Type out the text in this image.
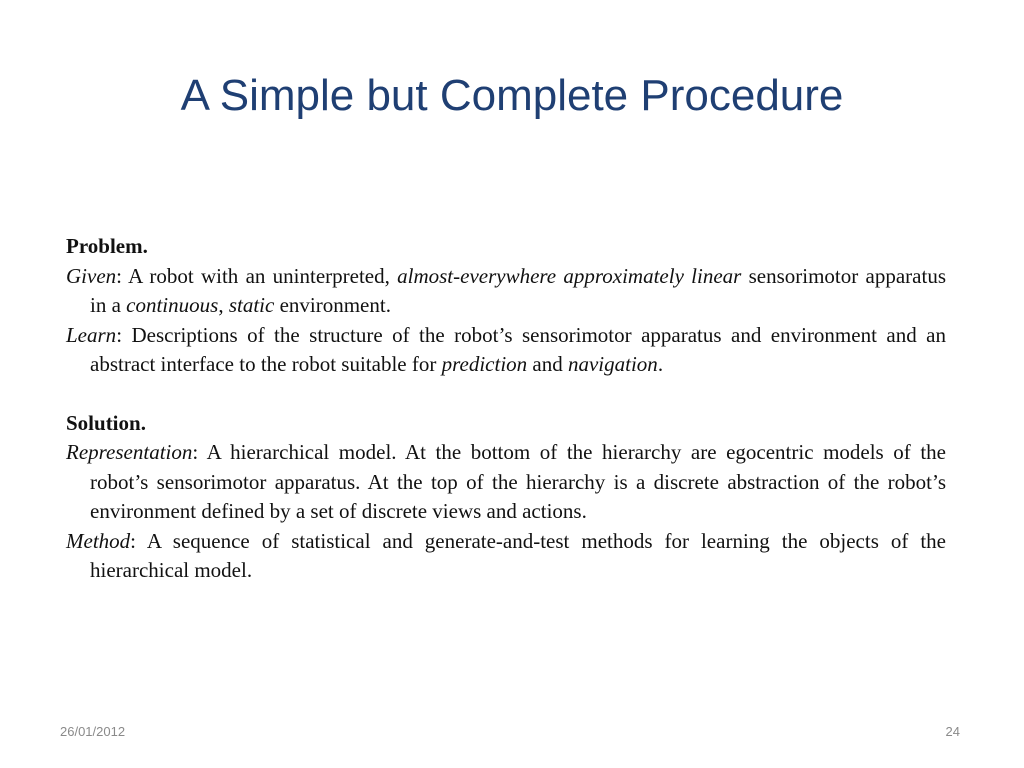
A Simple but Complete Procedure

Problem.

Given: A robot with an uninterpreted, almost-everywhere approximately linear sensorimotor apparatus in a continuous, static environment.

Learn: Descriptions of the structure of the robot’s sensorimotor apparatus and environment and an abstract interface to the robot suitable for prediction and navigation.

Solution.

Representation: A hierarchical model. At the bottom of the hierarchy are egocentric models of the robot’s sensorimotor apparatus. At the top of the hierarchy is a discrete abstraction of the robot’s environment defined by a set of discrete views and actions.

Method: A sequence of statistical and generate-and-test methods for learning the objects of the hierarchical model.

26/01/2012	24
